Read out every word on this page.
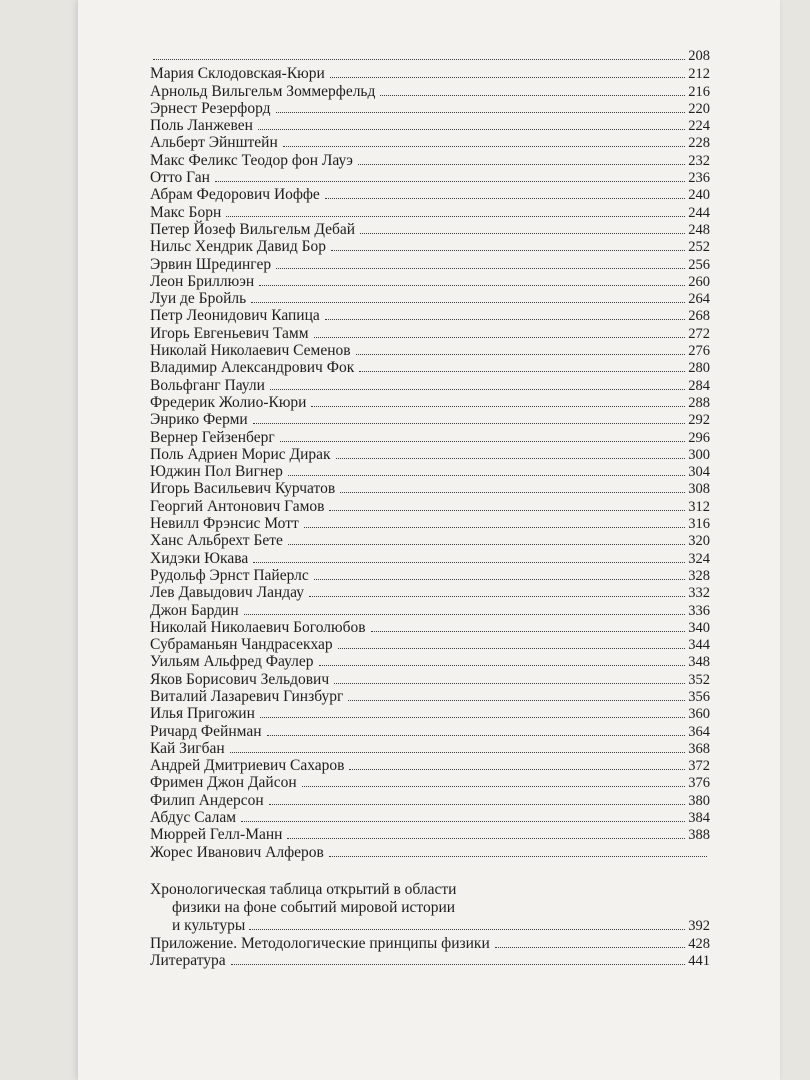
208
Мария Склодовская-Кюри	212
Арнольд Вильгельм Зоммерфельд	216
Эрнест Резерфорд	220
Поль Ланжевен	224
Альберт Эйнштейн	228
Макс Феликс Теодор фон Лауэ	232
Отто Ган	236
Абрам Федорович Иоффе	240
Макс Борн	244
Петер Йозеф Вильгельм Дебай	248
Нильс Хендрик Давид Бор	252
Эрвин Шредингер	256
Леон Бриллюэн	260
Луи де Бройль	264
Петр Леонидович Капица	268
Игорь Евгеньевич Тамм	272
Николай Николаевич Семенов	276
Владимир Александрович Фок	280
Вольфганг Паули	284
Фредерик Жолио-Кюри	288
Энрико Ферми	292
Вернер Гейзенберг	296
Поль Адриен Морис Дирак	300
Юджин Пол Вигнер	304
Игорь Васильевич Курчатов	308
Георгий Антонович Гамов	312
Невилл Фрэнсис Мотт	316
Ханс Альбрехт Бете	320
Хидэки Юкава	324
Рудольф Эрнст Пайерлс	328
Лев Давыдович Ландау	332
Джон Бардин	336
Николай Николаевич Боголюбов	340
Субраманьян Чандрасекхар	344
Уильям Альфред Фаулер	348
Яков Борисович Зельдович	352
Виталий Лазаревич Гинзбург	356
Илья Пригожин	360
Ричард Фейнман	364
Кай Зигбан	368
Андрей Дмитриевич Сахаров	372
Фримен Джон Дайсон	376
Филип Андерсон	380
Абдус Салам	384
Мюррей Гелл-Манн	388
Жорес Иванович Алферов
Хронологическая таблица открытий в области
физики на фоне событий мировой истории
и культуры	392
Приложение. Методологические принципы физики	428
Литература	441
